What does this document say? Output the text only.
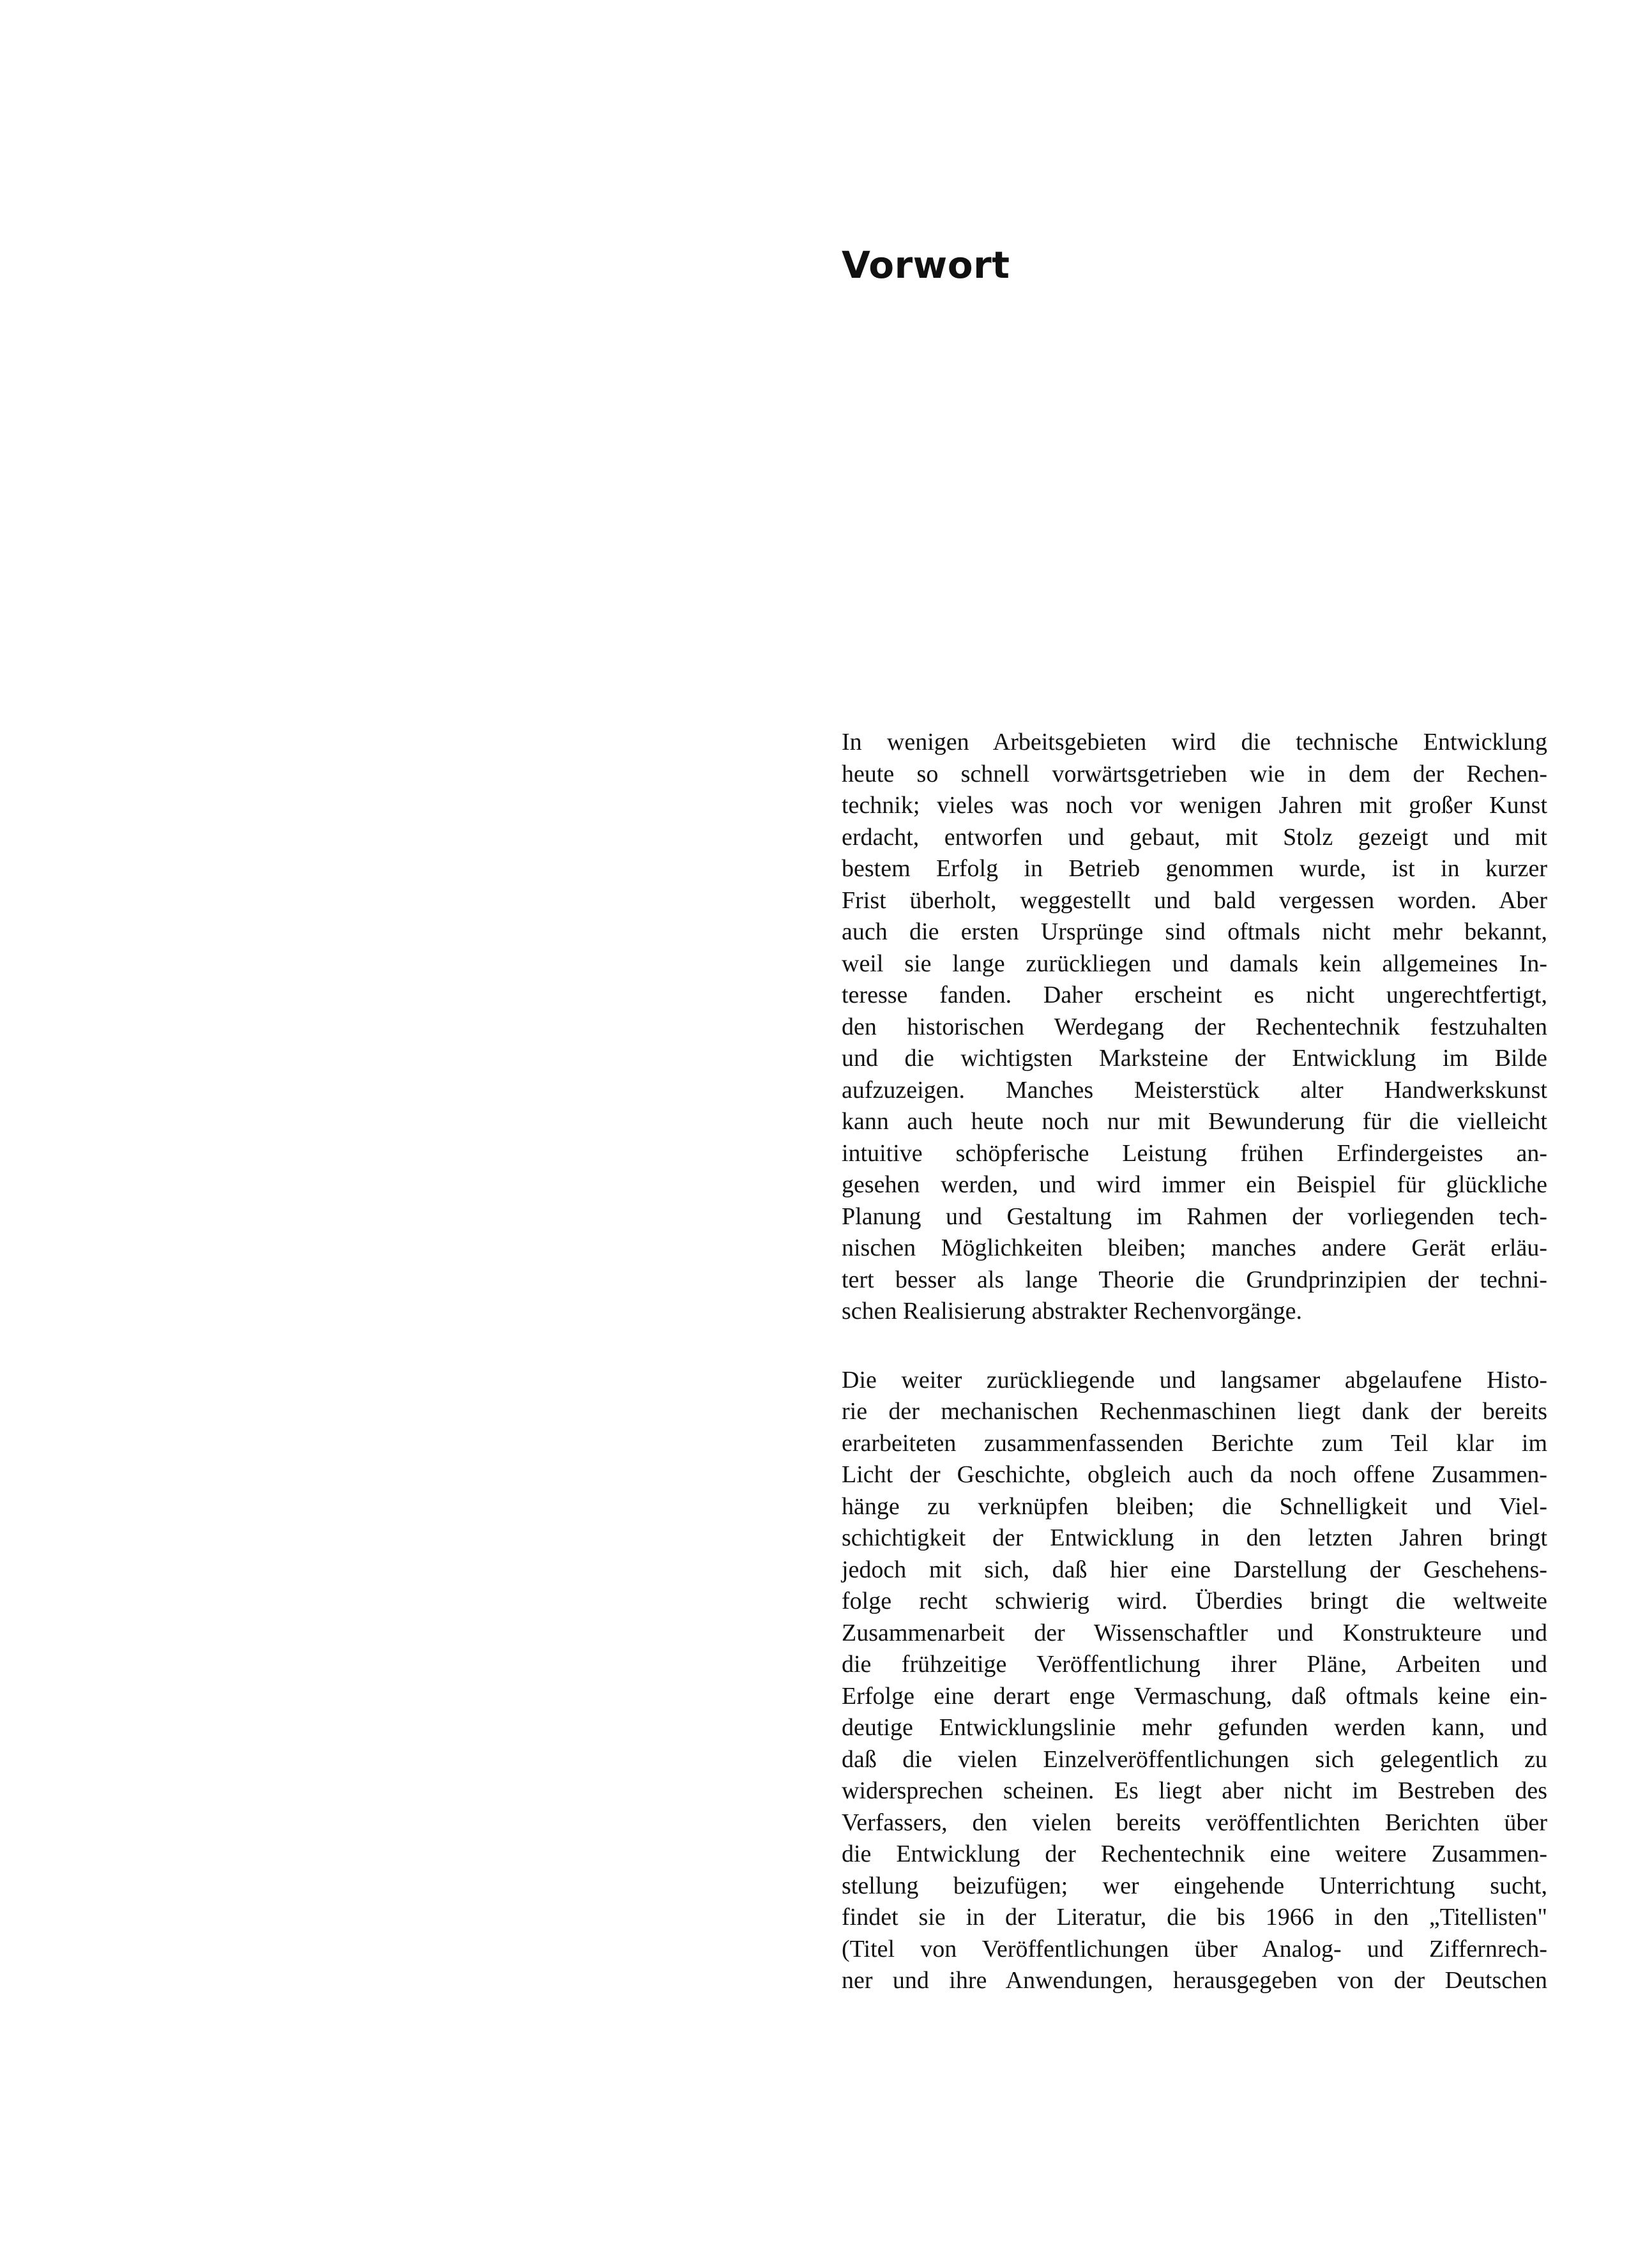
Vorwort

In wenigen Arbeitsgebieten wird die technische Entwicklung
heute so schnell vorwärtsgetrieben wie in dem der Rechen-
technik; vieles was noch vor wenigen Jahren mit großer Kunst
erdacht, entworfen und gebaut, mit Stolz gezeigt und mit
bestem Erfolg in Betrieb genommen wurde, ist in kurzer
Frist überholt, weggestellt und bald vergessen worden. Aber
auch die ersten Ursprünge sind oftmals nicht mehr bekannt,
weil sie lange zurückliegen und damals kein allgemeines In-
teresse fanden. Daher erscheint es nicht ungerechtfertigt,
den historischen Werdegang der Rechentechnik festzuhalten
und die wichtigsten Marksteine der Entwicklung im Bilde
aufzuzeigen. Manches Meisterstück alter Handwerkskunst
kann auch heute noch nur mit Bewunderung für die vielleicht
intuitive schöpferische Leistung frühen Erfindergeistes an-
gesehen werden, und wird immer ein Beispiel für glückliche
Planung und Gestaltung im Rahmen der vorliegenden tech-
nischen Möglichkeiten bleiben; manches andere Gerät erläu-
tert besser als lange Theorie die Grundprinzipien der techni-
schen Realisierung abstrakter Rechenvorgänge.

Die weiter zurückliegende und langsamer abgelaufene Histo-
rie der mechanischen Rechenmaschinen liegt dank der bereits
erarbeiteten zusammenfassenden Berichte zum Teil klar im
Licht der Geschichte, obgleich auch da noch offene Zusammen-
hänge zu verknüpfen bleiben; die Schnelligkeit und Viel-
schichtigkeit der Entwicklung in den letzten Jahren bringt
jedoch mit sich, daß hier eine Darstellung der Geschehens-
folge recht schwierig wird. Überdies bringt die weltweite
Zusammenarbeit der Wissenschaftler und Konstrukteure und
die frühzeitige Veröffentlichung ihrer Pläne, Arbeiten und
Erfolge eine derart enge Vermaschung, daß oftmals keine ein-
deutige Entwicklungslinie mehr gefunden werden kann, und
daß die vielen Einzelveröffentlichungen sich gelegentlich zu
widersprechen scheinen. Es liegt aber nicht im Bestreben des
Verfassers, den vielen bereits veröffentlichten Berichten über
die Entwicklung der Rechentechnik eine weitere Zusammen-
stellung beizufügen; wer eingehende Unterrichtung sucht,
findet sie in der Literatur, die bis 1966 in den „Titellisten"
(Titel von Veröffentlichungen über Analog- und Ziffernrech-
ner und ihre Anwendungen, herausgegeben von der Deutschen
